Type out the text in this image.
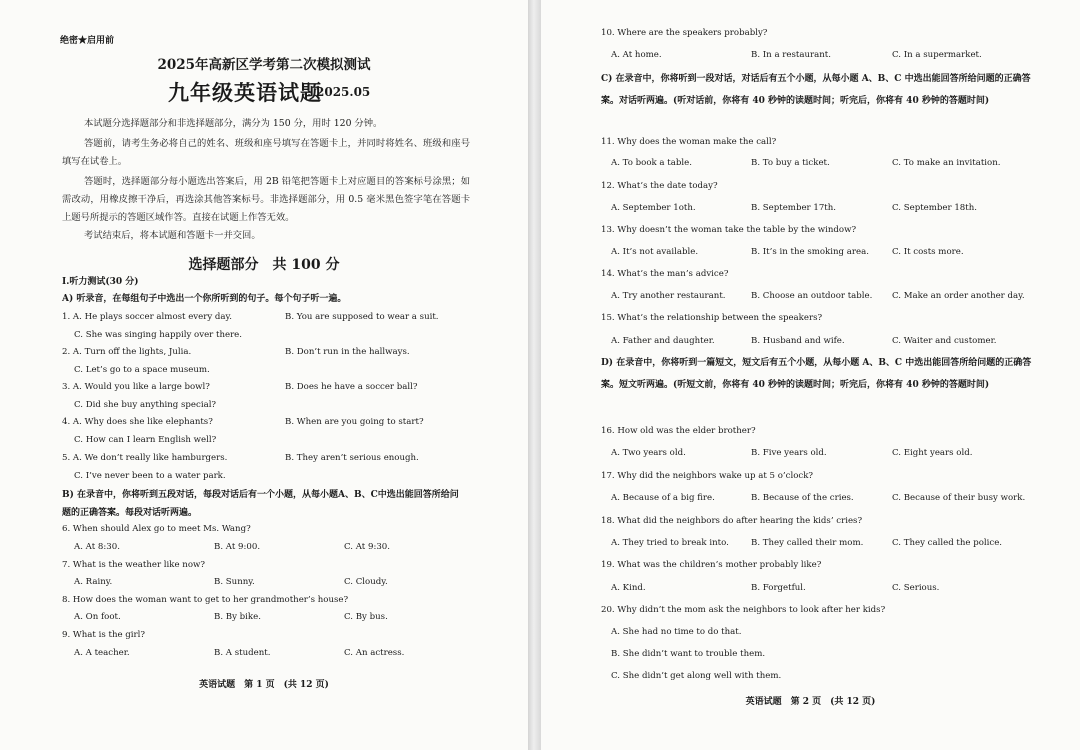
绝密★启用前
2025年高新区学考第二次模拟测试
九年级英语试题
2025.05
本试题分选择题部分和非选择题部分，满分为 150 分，用时 120 分钟。
答题前，请考生务必将自己的姓名、班级和座号填写在答题卡上，并同时将姓名、班级和座号填写在试卷上。
答题时，选择题部分每小题选出答案后，用 2B 铅笔把答题卡上对应题目的答案标号涂黑；如需改动，用橡皮擦干净后，再选涂其他答案标号。非选择题部分，用 0.5 毫米黑色签字笔在答题卡上题号所提示的答题区域作答。直接在试题上作答无效。
考试结束后，将本试题和答题卡一并交回。
选择题部分　共 100 分
Ⅰ.听力测试(30 分)
A) 听录音，在每组句子中选出一个你所听到的句子。每个句子听一遍。
1. A. He plays soccer almost every day.	B. You are supposed to wear a suit.
C. She was singing happily over there.
2. A. Turn off the lights, Julia.	B. Don’t run in the hallways.
C. Let’s go to a space museum.
3. A. Would you like a large bowl?	B. Does he have a soccer ball?
C. Did she buy anything special?
4. A. Why does she like elephants?	B. When are you going to start?
C. How can I learn English well?
5. A. We don’t really like hamburgers.	B. They aren’t serious enough.
C. I’ve never been to a water park.
B) 在录音中，你将听到五段对话，每段对话后有一个小题，从每小题A、B、C中选出能回答所给问题的正确答案。每段对话听两遍。
6. When should Alex go to meet Ms. Wang?
A. At 8:30.	B. At 9:00.	C. At 9:30.
7. What is the weather like now?
A. Rainy.	B. Sunny.	C. Cloudy.
8. How does the woman want to get to her grandmother’s house?
A. On foot.	B. By bike.	C. By bus.
9. What is the girl?
A. A teacher.	B. A student.	C. An actress.
英语试题　第 1 页　(共 12 页)
10. Where are the speakers probably?
A. At home.	B. In a restaurant.	C. In a supermarket.
C) 在录音中，你将听到一段对话，对话后有五个小题，从每小题 A、B、C 中选出能回答所给问题的正确答案。对话听两遍。(听对话前，你将有 40 秒钟的读题时间；听完后，你将有 40 秒钟的答题时间)
11. Why does the woman make the call?
A. To book a table.	B. To buy a ticket.	C. To make an invitation.
12. What’s the date today?
A. September 1oth.	B. September 17th.	C. September 18th.
13. Why doesn’t the woman take the table by the window?
A. It’s not available.	B. It’s in the smoking area.	C. It costs more.
14. What’s the man’s advice?
A. Try another restaurant.	B. Choose an outdoor table. C. Make an order another day.
15. What’s the relationship between the speakers?
A. Father and daughter.	B. Husband and wife.	C. Waiter and customer.
D) 在录音中，你将听到一篇短文，短文后有五个小题，从每小题 A、B、C 中选出能回答所给问题的正确答案。短文听两遍。(听短文前，你将有 40 秒钟的读题时间；听完后，你将有 40 秒钟的答题时间)
16. How old was the elder brother?
A. Two years old.	B. Five years old.	C. Eight years old.
17. Why did the neighbors wake up at 5 o’clock?
A. Because of a big fire.	B. Because of the cries.	C. Because of their busy work.
18. What did the neighbors do after hearing the kids’ cries?
A. They tried to break into.	B. They called their mom.	C. They called the police.
19. What was the children’s mother probably like?
A. Kind.	B. Forgetful.	C. Serious.
20. Why didn’t the mom ask the neighbors to look after her kids?
A. She had no time to do that.
B. She didn’t want to trouble them.
C. She didn’t get along well with them.
英语试题　第 2 页　(共 12 页)
